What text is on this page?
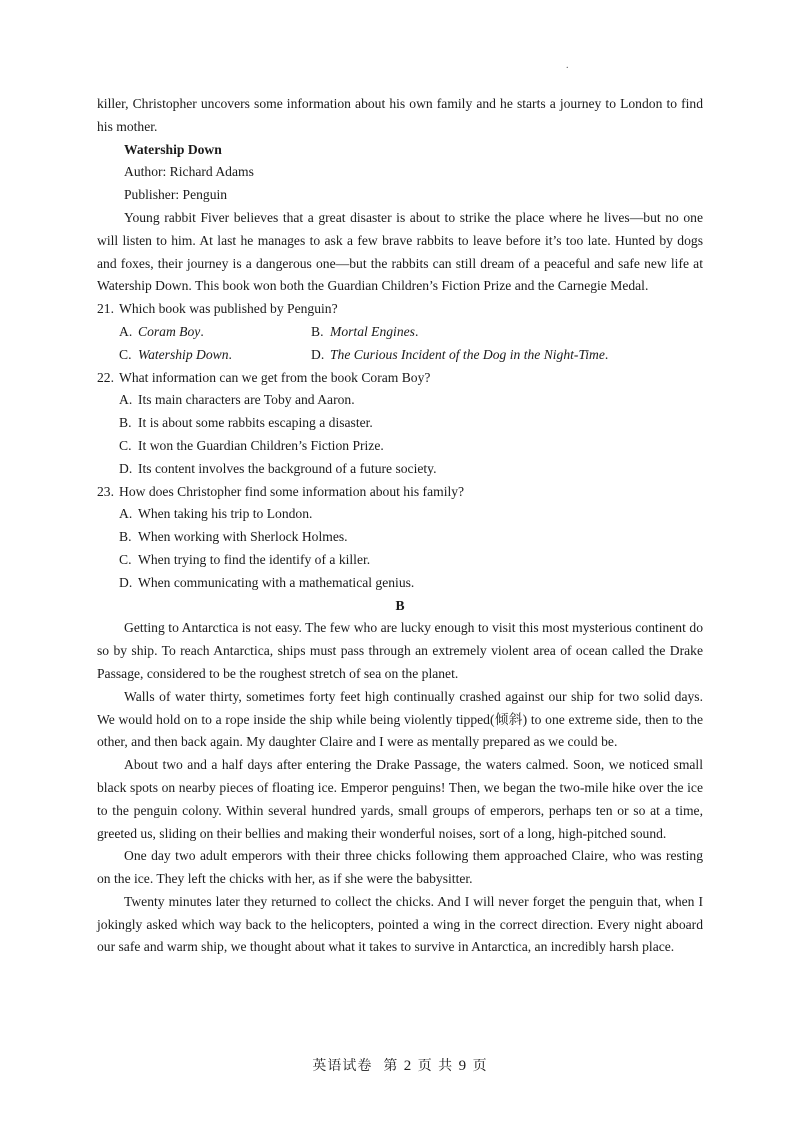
.

killer, Christopher uncovers some information about his own family and he starts a journey to London to find his mother.

Watership Down

Author: Richard Adams

Publisher: Penguin

Young rabbit Fiver believes that a great disaster is about to strike the place where he lives—but no one will listen to him. At last he manages to ask a few brave rabbits to leave before it’s too late. Hunted by dogs and foxes, their journey is a dangerous one—but the rabbits can still dream of a peaceful and safe new life at Watership Down. This book won both the Guardian Children’s Fiction Prize and the Carnegie Medal.

21. Which book was published by Penguin?
A. Coram Boy.	B. Mortal Engines.
C. Watership Down.	D. The Curious Incident of the Dog in the Night-Time.
22. What information can we get from the book Coram Boy?
A. Its main characters are Toby and Aaron.
B. It is about some rabbits escaping a disaster.
C. It won the Guardian Children’s Fiction Prize.
D. Its content involves the background of a future society.
23. How does Christopher find some information about his family?
A. When taking his trip to London.
B. When working with Sherlock Holmes.
C. When trying to find the identify of a killer.
D. When communicating with a mathematical genius.

B

Getting to Antarctica is not easy. The few who are lucky enough to visit this most mysterious continent do so by ship. To reach Antarctica, ships must pass through an extremely violent area of ocean called the Drake Passage, considered to be the roughest stretch of sea on the planet.

Walls of water thirty, sometimes forty feet high continually crashed against our ship for two solid days. We would hold on to a rope inside the ship while being violently tipped(倾斜) to one extreme side, then to the other, and then back again. My daughter Claire and I were as mentally prepared as we could be.

About two and a half days after entering the Drake Passage, the waters calmed. Soon, we noticed small black spots on nearby pieces of floating ice. Emperor penguins! Then, we began the two-mile hike over the ice to the penguin colony. Within several hundred yards, small groups of emperors, perhaps ten or so at a time, greeted us, sliding on their bellies and making their wonderful noises, sort of a long, high-pitched sound.

One day two adult emperors with their three chicks following them approached Claire, who was resting on the ice. They left the chicks with her, as if she were the babysitter.

Twenty minutes later they returned to collect the chicks. And I will never forget the penguin that, when I jokingly asked which way back to the helicopters, pointed a wing in the correct direction. Every night aboard our safe and warm ship, we thought about what it takes to survive in Antarctica, an incredibly harsh place.

英语试卷 第 2 页 共 9 页
